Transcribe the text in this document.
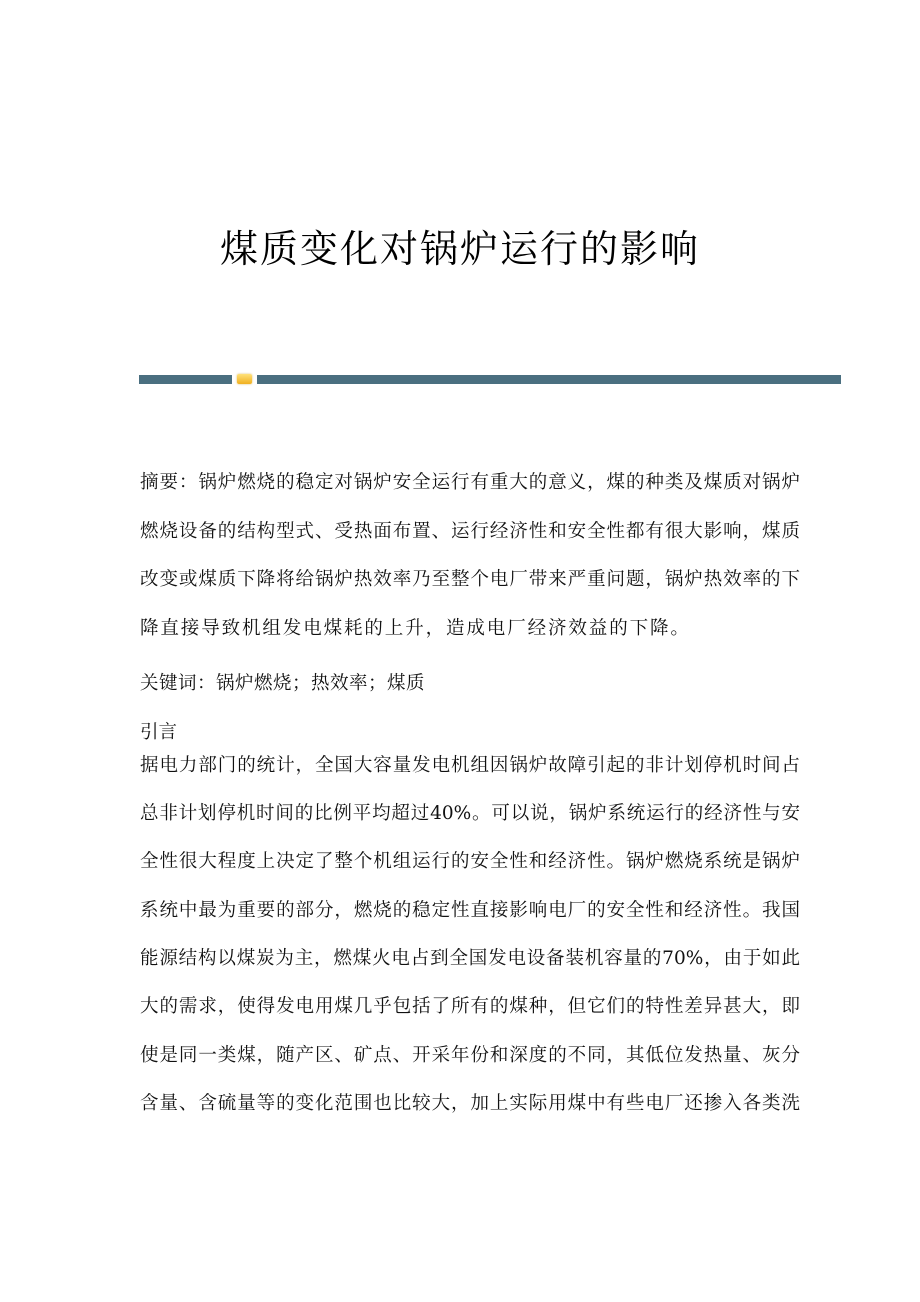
煤质变化对锅炉运行的影响
摘要：锅炉燃烧的稳定对锅炉安全运行有重大的意义，煤的种类及煤质对锅炉
燃烧设备的结构型式、受热面布置、运行经济性和安全性都有很大影响，煤质
改变或煤质下降将给锅炉热效率乃至整个电厂带来严重问题，锅炉热效率的下
降直接导致机组发电煤耗的上升，造成电厂经济效益的下降。
关键词：锅炉燃烧；热效率；煤质
引言
据电力部门的统计，全国大容量发电机组因锅炉故障引起的非计划停机时间占
总非计划停机时间的比例平均超过40%。可以说，锅炉系统运行的经济性与安
全性很大程度上决定了整个机组运行的安全性和经济性。锅炉燃烧系统是锅炉
系统中最为重要的部分，燃烧的稳定性直接影响电厂的安全性和经济性。我国
能源结构以煤炭为主，燃煤火电占到全国发电设备装机容量的70%，由于如此
大的需求，使得发电用煤几乎包括了所有的煤种，但它们的特性差异甚大，即
使是同一类煤，随产区、矿点、开采年份和深度的不同，其低位发热量、灰分
含量、含硫量等的变化范围也比较大，加上实际用煤中有些电厂还掺入各类洗
